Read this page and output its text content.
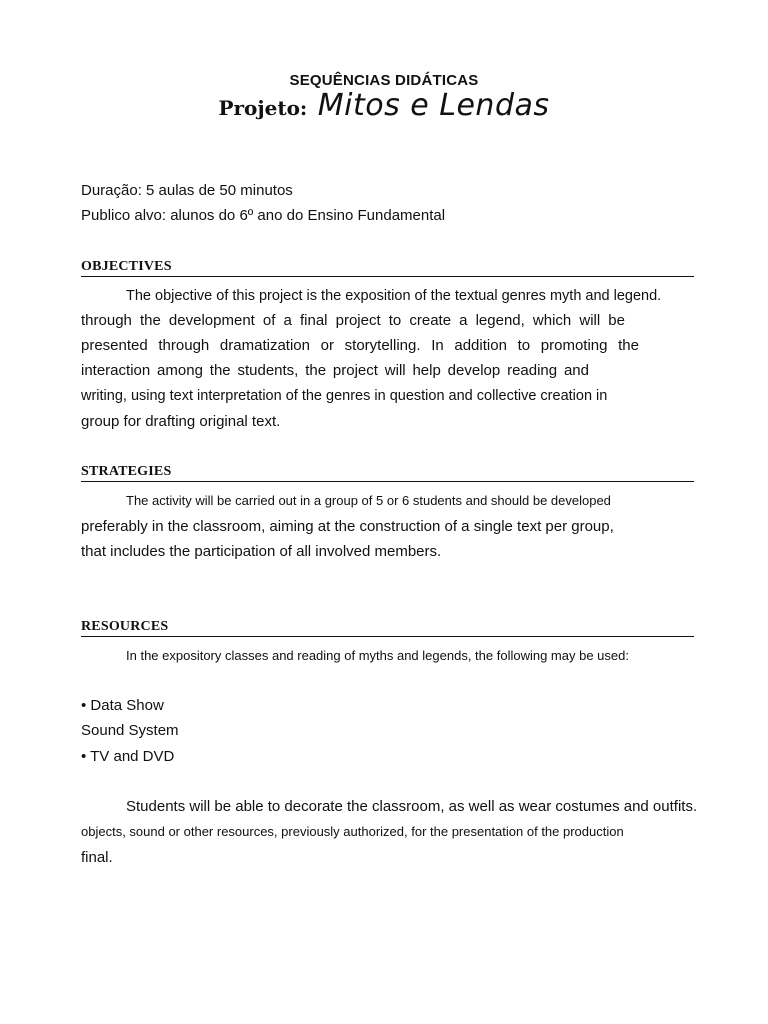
SEQUÊNCIAS DIDÁTICAS
Projeto: Mitos e Lendas
Duração: 5 aulas de 50 minutos
Publico alvo: alunos do 6º ano do Ensino Fundamental
OBJECTIVES
The objective of this project is the exposition of the textual genres myth and legend.
through the development of a final project to create a legend, which will be
presented through dramatization or storytelling. In addition to promoting the
interaction among the students, the project will help develop reading and
writing, using text interpretation of the genres in question and collective creation in
group for drafting original text.
STRATEGIES
The activity will be carried out in a group of 5 or 6 students and should be developed
preferably in the classroom, aiming at the construction of a single text per group,
that includes the participation of all involved members.
RESOURCES
In the expository classes and reading of myths and legends, the following may be used:
• Data Show
Sound System
• TV and DVD
Students will be able to decorate the classroom, as well as wear costumes and outfits.
objects, sound or other resources, previously authorized, for the presentation of the production
final.
